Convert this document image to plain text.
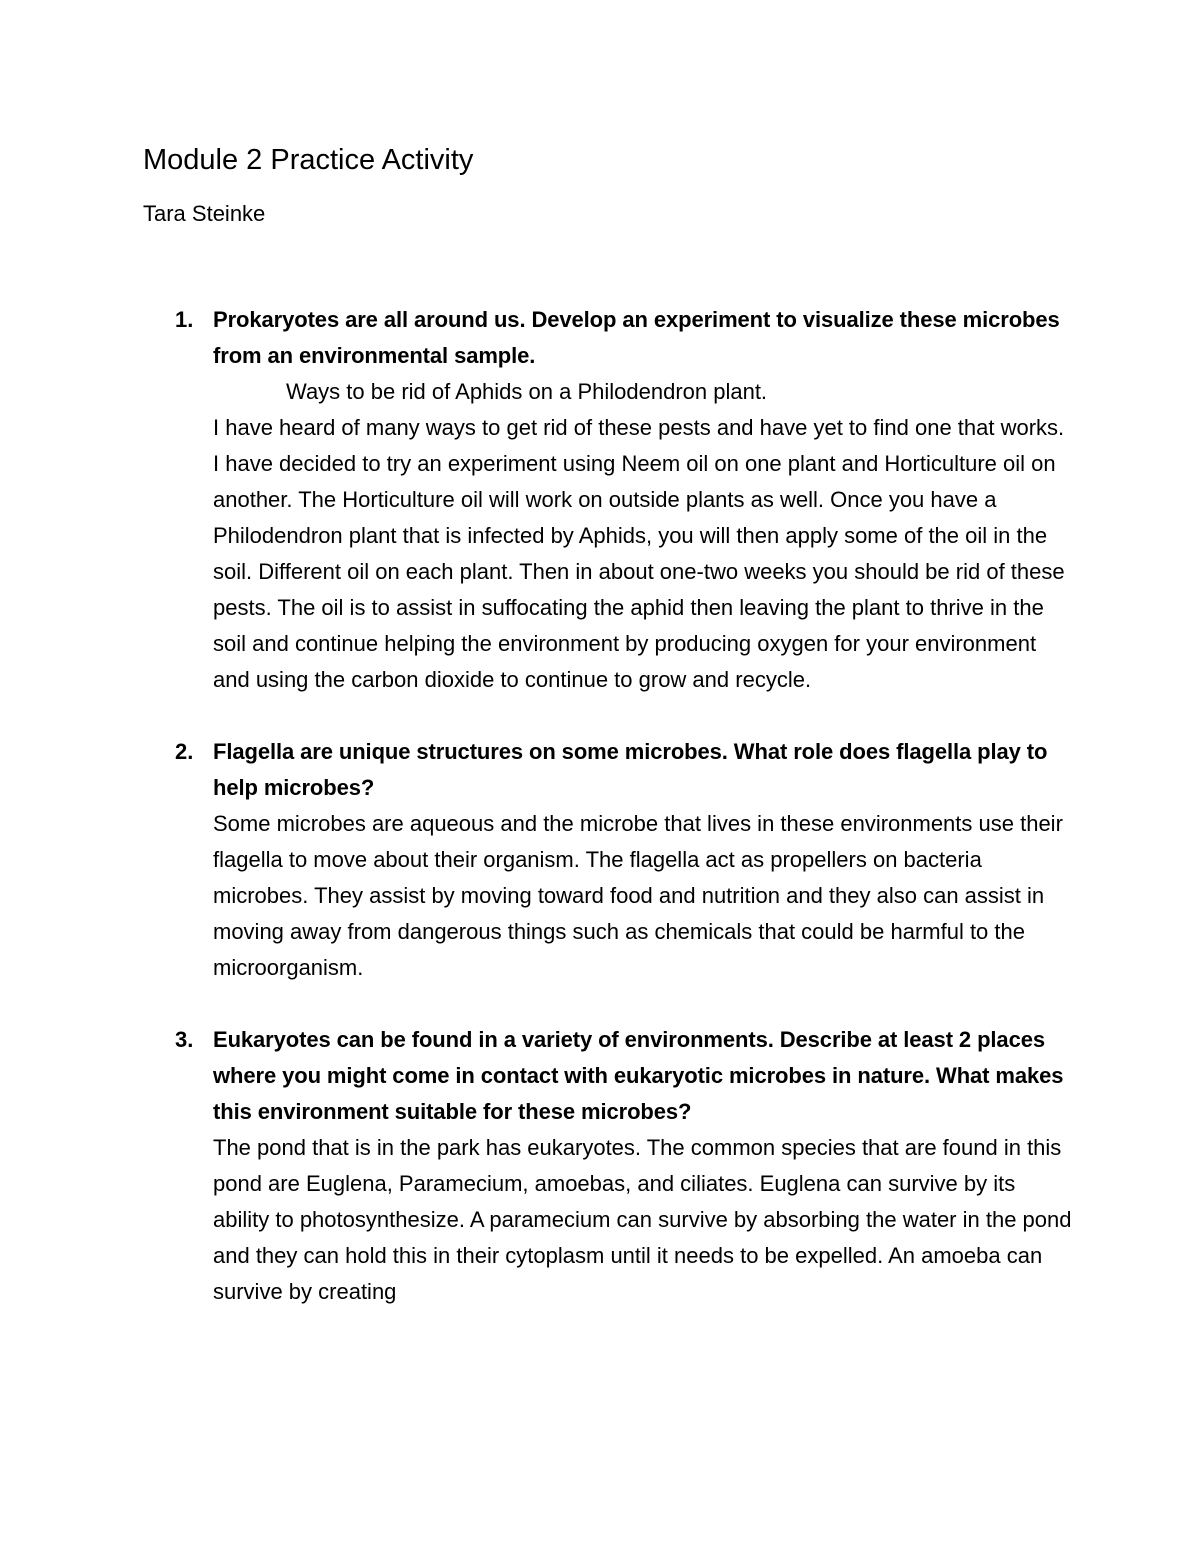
Module 2 Practice Activity
Tara Steinke
1. Prokaryotes are all around us. Develop an experiment to visualize these microbes from an environmental sample.
Ways to be rid of Aphids on a Philodendron plant.
I have heard of many ways to get rid of these pests and have yet to find one that works. I have decided to try an experiment using Neem oil on one plant and Horticulture oil on another. The Horticulture oil will work on outside plants as well. Once you have a Philodendron plant that is infected by Aphids, you will then apply some of the oil in the soil. Different oil on each plant. Then in about one-two weeks you should be rid of these pests. The oil is to assist in suffocating the aphid then leaving the plant to thrive in the soil and continue helping the environment by producing oxygen for your environment and using the carbon dioxide to continue to grow and recycle.
2. Flagella are unique structures on some microbes. What role does flagella play to help microbes?
Some microbes are aqueous and the microbe that lives in these environments use their flagella to move about their organism. The flagella act as propellers on bacteria microbes. They assist by moving toward food and nutrition and they also can assist in moving away from dangerous things such as chemicals that could be harmful to the microorganism.
3. Eukaryotes can be found in a variety of environments. Describe at least 2 places where you might come in contact with eukaryotic microbes in nature. What makes this environment suitable for these microbes?
The pond that is in the park has eukaryotes. The common species that are found in this pond are Euglena, Paramecium, amoebas, and ciliates. Euglena can survive by its ability to photosynthesize. A paramecium can survive by absorbing the water in the pond and they can hold this in their cytoplasm until it needs to be expelled. An amoeba can survive by creating
